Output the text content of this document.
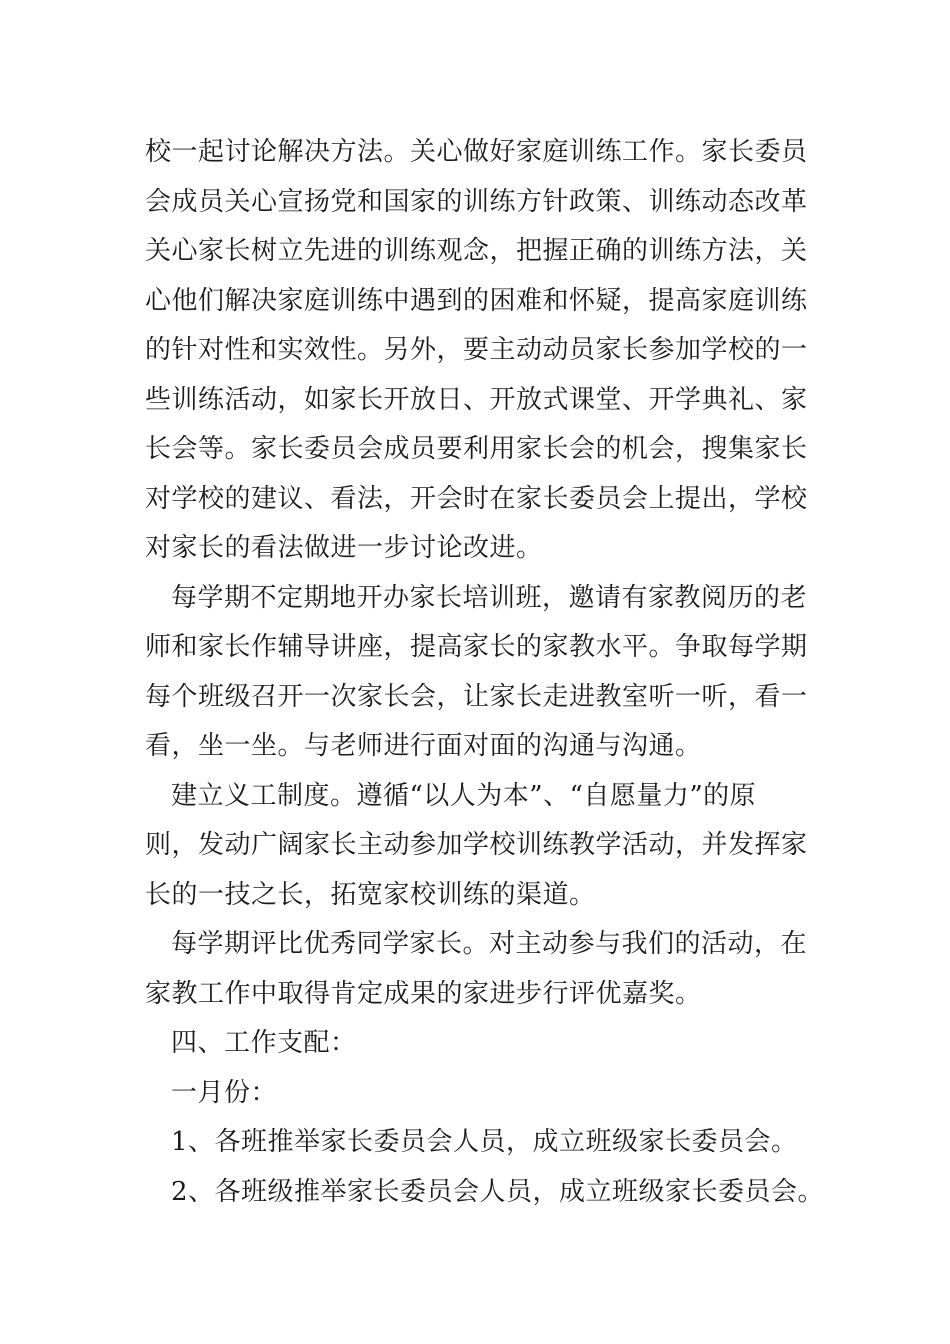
校一起讨论解决方法。关心做好家庭训练工作。家长委员
会成员关心宣扬党和国家的训练方针政策、训练动态改革
关心家长树立先进的训练观念，把握正确的训练方法，关
心他们解决家庭训练中遇到的困难和怀疑，提高家庭训练
的针对性和实效性。另外，要主动动员家长参加学校的一
些训练活动，如家长开放日、开放式课堂、开学典礼、家
长会等。家长委员会成员要利用家长会的机会，搜集家长
对学校的建议、看法，开会时在家长委员会上提出，学校
对家长的看法做进一步讨论改进。
每学期不定期地开办家长培训班，邀请有家教阅历的老
师和家长作辅导讲座，提高家长的家教水平。争取每学期
每个班级召开一次家长会，让家长走进教室听一听，看一
看，坐一坐。与老师进行面对面的沟通与沟通。
建立义工制度。遵循“以人为本”、“自愿量力”的原
则，发动广阔家长主动参加学校训练教学活动，并发挥家
长的一技之长，拓宽家校训练的渠道。
每学期评比优秀同学家长。对主动参与我们的活动，在
家教工作中取得肯定成果的家进步行评优嘉奖。
四、工作支配：
一月份：
1、各班推举家长委员会人员，成立班级家长委员会。
2、各班级推举家长委员会人员，成立班级家长委员会。
